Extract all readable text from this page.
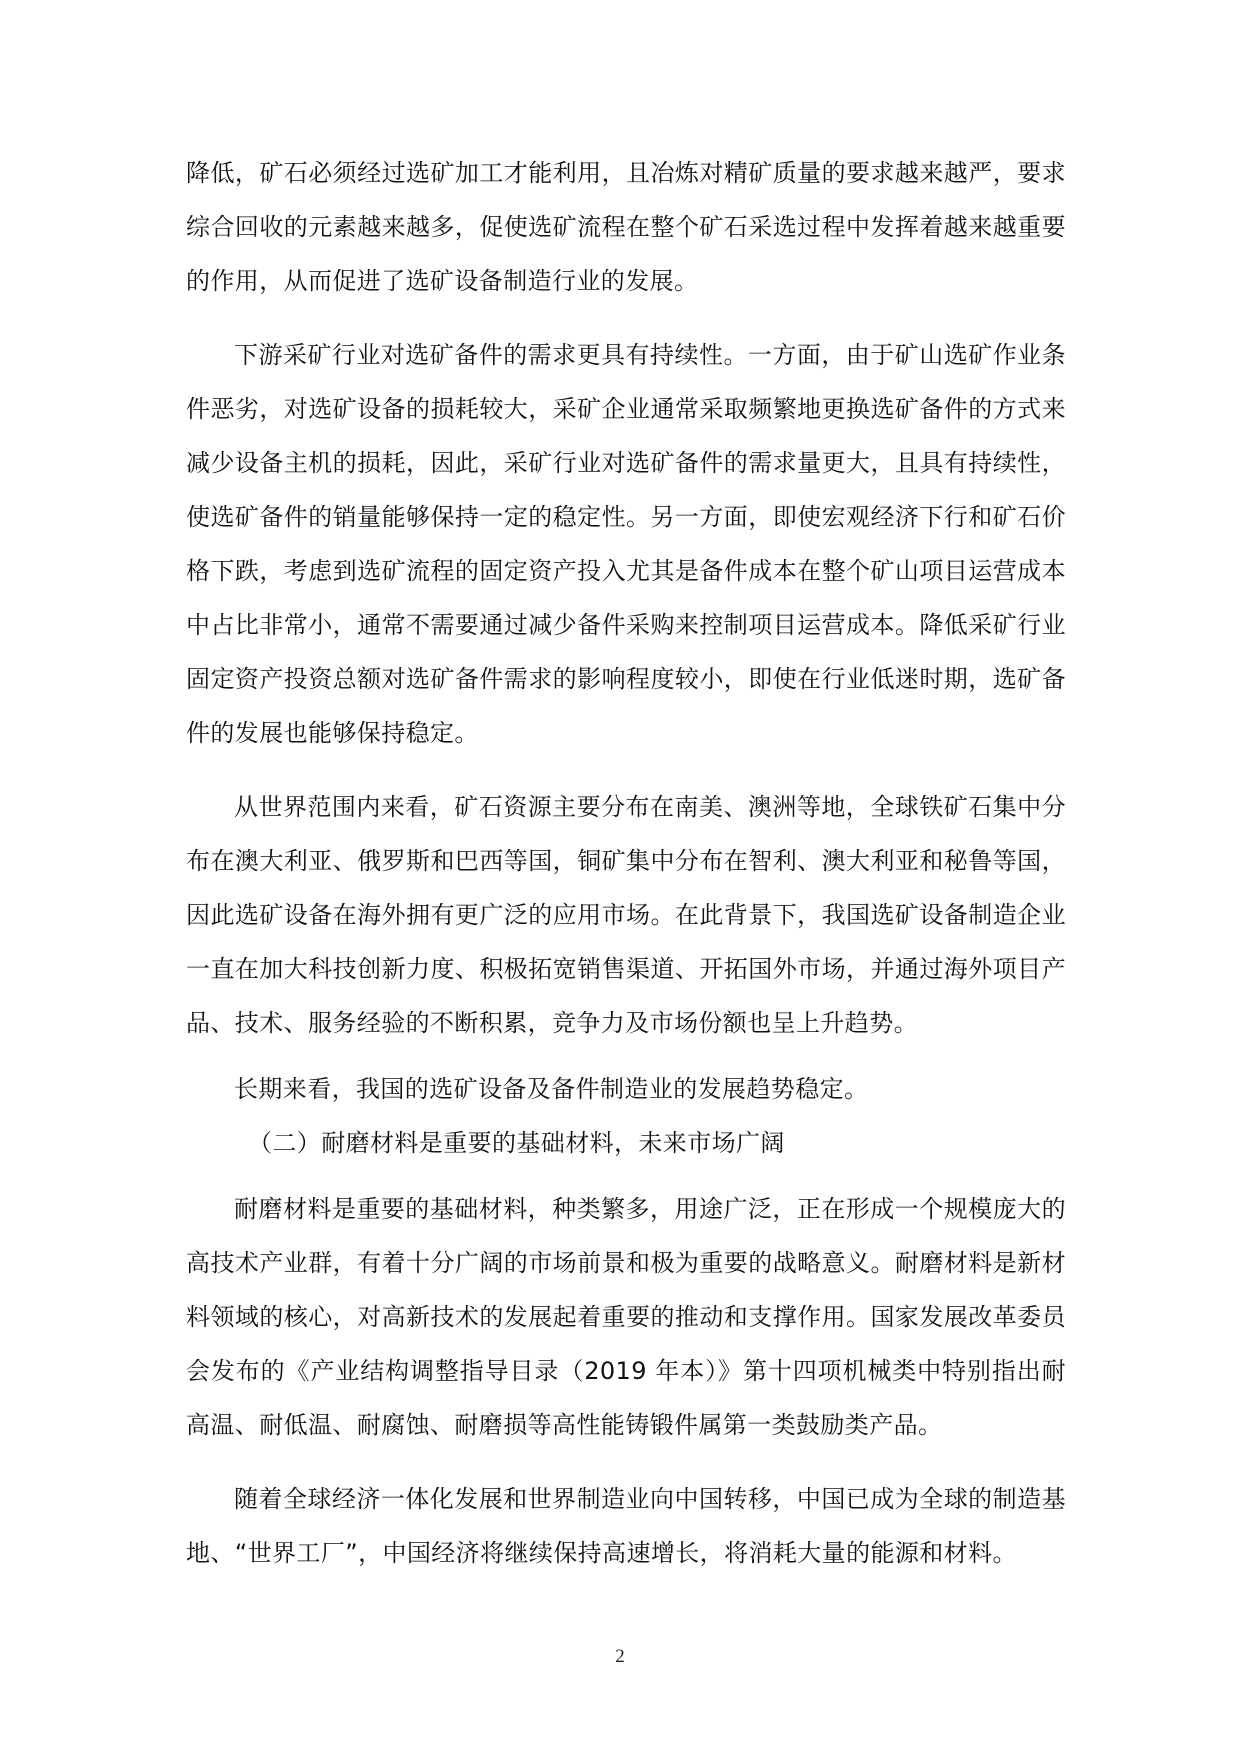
降低，矿石必须经过选矿加工才能利用，且冶炼对精矿质量的要求越来越严，要求综合回收的元素越来越多，促使选矿流程在整个矿石采选过程中发挥着越来越重要的作用，从而促进了选矿设备制造行业的发展。

下游采矿行业对选矿备件的需求更具有持续性。一方面，由于矿山选矿作业条件恶劣，对选矿设备的损耗较大，采矿企业通常采取频繁地更换选矿备件的方式来减少设备主机的损耗，因此，采矿行业对选矿备件的需求量更大，且具有持续性，使选矿备件的销量能够保持一定的稳定性。另一方面，即使宏观经济下行和矿石价格下跌，考虑到选矿流程的固定资产投入尤其是备件成本在整个矿山项目运营成本中占比非常小，通常不需要通过减少备件采购来控制项目运营成本。降低采矿行业固定资产投资总额对选矿备件需求的影响程度较小，即使在行业低迷时期，选矿备件的发展也能够保持稳定。

从世界范围内来看，矿石资源主要分布在南美、澳洲等地，全球铁矿石集中分布在澳大利亚、俄罗斯和巴西等国，铜矿集中分布在智利、澳大利亚和秘鲁等国，因此选矿设备在海外拥有更广泛的应用市场。在此背景下，我国选矿设备制造企业一直在加大科技创新力度、积极拓宽销售渠道、开拓国外市场，并通过海外项目产品、技术、服务经验的不断积累，竞争力及市场份额也呈上升趋势。

长期来看，我国的选矿设备及备件制造业的发展趋势稳定。

（二）耐磨材料是重要的基础材料，未来市场广阔

耐磨材料是重要的基础材料，种类繁多，用途广泛，正在形成一个规模庞大的高技术产业群，有着十分广阔的市场前景和极为重要的战略意义。耐磨材料是新材料领域的核心，对高新技术的发展起着重要的推动和支撑作用。国家发展改革委员会发布的《产业结构调整指导目录（2019 年本）》第十四项机械类中特别指出耐高温、耐低温、耐腐蚀、耐磨损等高性能铸锻件属第一类鼓励类产品。

随着全球经济一体化发展和世界制造业向中国转移，中国已成为全球的制造基地、“世界工厂”，中国经济将继续保持高速增长，将消耗大量的能源和材料。

2
